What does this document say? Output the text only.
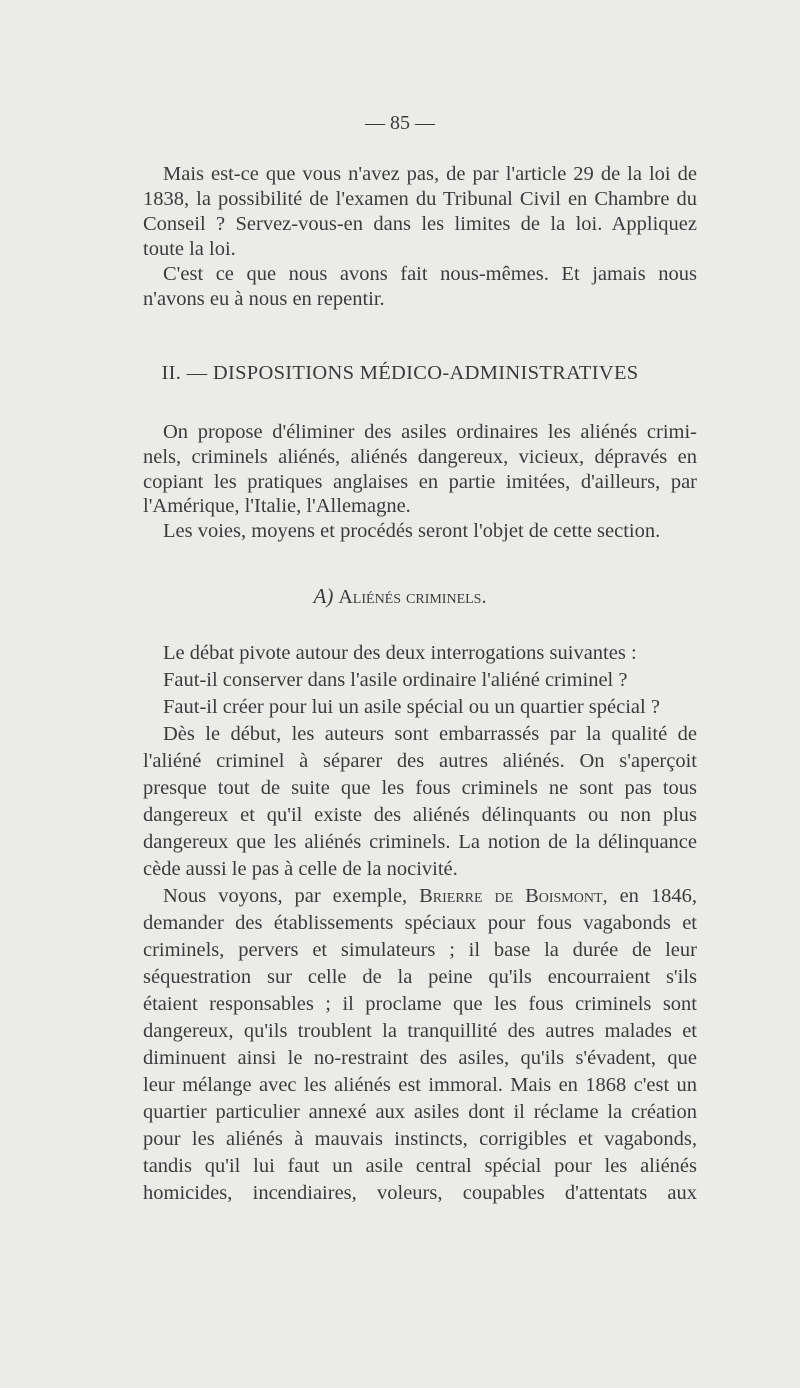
— 85 —
Mais est-ce que vous n'avez pas, de par l'article 29 de la loi de
1838, la possibilité de l'examen du Tribunal Civil en Chambre du
Conseil ? Servez-vous-en dans les limites de la loi. Appliquez
toute la loi.
C'est ce que nous avons fait nous-mêmes. Et jamais nous
n'avons eu à nous en repentir.
II. — DISPOSITIONS MÉDICO-ADMINISTRATIVES
On propose d'éliminer des asiles ordinaires les aliénés crimi-
nels, criminels aliénés, aliénés dangereux, vicieux, dépravés en
copiant les pratiques anglaises en partie imitées, d'ailleurs, par
l'Amérique, l'Italie, l'Allemagne.
Les voies, moyens et procédés seront l'objet de cette section.
A) Aliénés criminels.
Le débat pivote autour des deux interrogations suivantes :
Faut-il conserver dans l'asile ordinaire l'aliéné criminel ?
Faut-il créer pour lui un asile spécial ou un quartier spécial ?
Dès le début, les auteurs sont embarrassés par la qualité de
l'aliéné criminel à séparer des autres aliénés. On s'aperçoit
presque tout de suite que les fous criminels ne sont pas tous
dangereux et qu'il existe des aliénés délinquants ou non plus
dangereux que les aliénés criminels. La notion de la délinquance
cède aussi le pas à celle de la nocivité.
Nous voyons, par exemple, Brierre de Boismont, en 1846,
demander des établissements spéciaux pour fous vagabonds et
criminels, pervers et simulateurs ; il base la durée de leur
séquestration sur celle de la peine qu'ils encourraient s'ils
étaient responsables ; il proclame que les fous criminels sont
dangereux, qu'ils troublent la tranquillité des autres malades et
diminuent ainsi le no-restraint des asiles, qu'ils s'évadent, que
leur mélange avec les aliénés est immoral. Mais en 1868 c'est un
quartier particulier annexé aux asiles dont il réclame la création
pour les aliénés à mauvais instincts, corrigibles et vagabonds,
tandis qu'il lui faut un asile central spécial pour les aliénés
homicides, incendiaires, voleurs, coupables d'attentats aux
